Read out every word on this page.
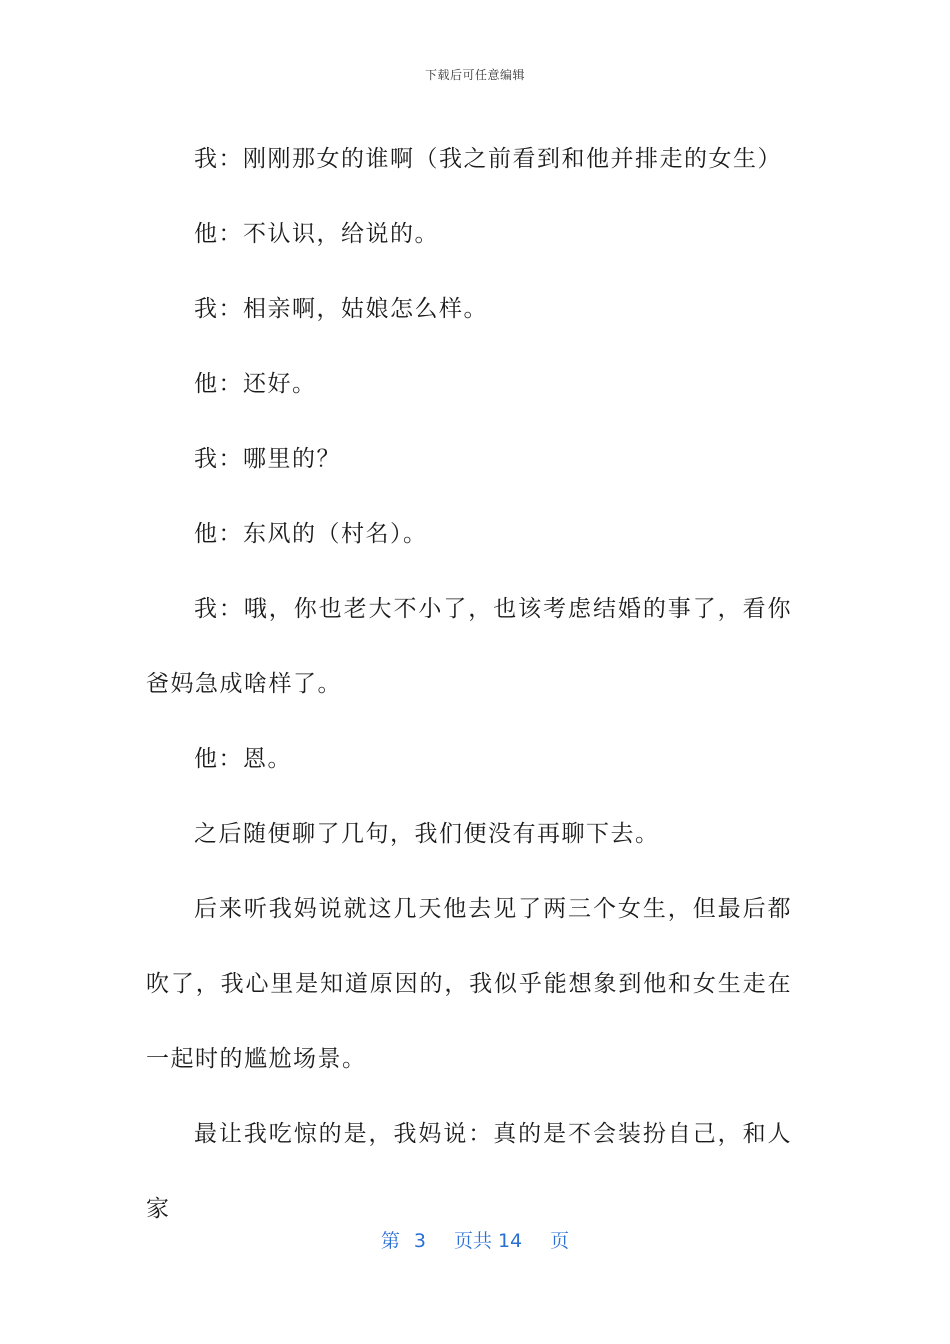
下载后可任意编辑

我：刚刚那女的谁啊（我之前看到和他并排走的女生）

他：不认识，给说的。

我：相亲啊，姑娘怎么样。

他：还好。

我：哪里的？

他：东风的（村名）。

我：哦，你也老大不小了，也该考虑结婚的事了，看你爸妈急成啥样了。

他：恩。

之后随便聊了几句，我们便没有再聊下去。

后来听我妈说就这几天他去见了两三个女生，但最后都吹了，我心里是知道原因的，我似乎能想象到他和女生走在一起时的尴尬场景。

最让我吃惊的是，我妈说：真的是不会装扮自己，和人家

第 3 页共 14 页
